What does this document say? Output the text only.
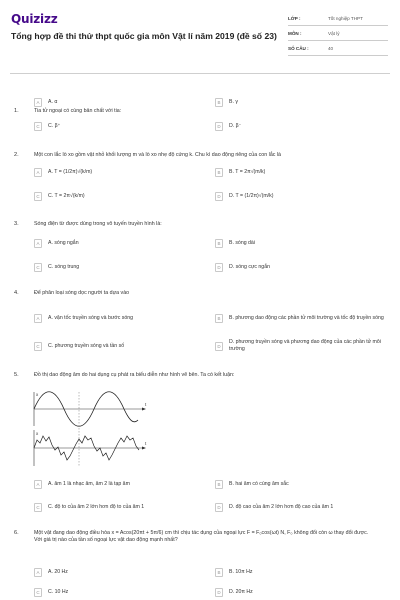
Quizizz
Tổng hợp đề thi thử thpt quốc gia môn Vật lí năm 2019 (đề số 23)
LỚP :	Tốt nghiệp THPT
MÔN :	Vật lý
SỐ CÂU :	40
1.	Tia tử ngoại có cùng bản chất với tia:
A	A. α	B	B. γ
C	C. β⁺	D	D. β⁻
2.	Một con lắc lò xo gồm vật nhỏ khối lượng m và lò xo nhẹ độ cứng k. Chu kì dao động riêng của con lắc là
A	A. T = (1/2π)√(k/m)	B	B. T = 2π√(m/k)
C	C. T = 2π√(k/m)	D	D. T = (1/2π)√(m/k)
3.	Sóng điện từ được dùng trong vô tuyến truyền hình là:
A	A. sóng ngắn	B	B. sóng dài
C	C. sóng trung	D	D. sóng cực ngắn
4.	Để phân loại sóng dọc người ta dựa vào
A	A. vận tốc truyền sóng và bước sóng	B	B. phương dao động các phần tử môi trường và tốc độ truyền sóng
C	C. phương truyền sóng và tần số	D
D. phương truyền sóng và phương dao động của các phần tử môi trường
5.	Đồ thị dao động âm do hai dụng cụ phát ra biểu diễn như hình vẽ bên. Ta có kết luận:
t
x
t
x
A	A. âm 1 là nhạc âm, âm 2 là tạp âm	B	B. hai âm có cùng âm sắc
C	C. độ to của âm 2 lớn hơn độ to của âm 1	D	D. độ cao của âm 2 lớn hơn độ cao của âm 1
6.	Một vật đang dao động điều hòa x = Acos(20πt + 5π/6) cm thì chịu tác dụng của ngoại lực F = F₀cos(ωt) N, F₀ không đổi còn ω thay đổi được. Với giá trị nào của tần số ngoại lực vật dao động mạnh nhất?
A	A. 20 Hz	B	B. 10π Hz
C	C. 10 Hz	D	D. 20π Hz
